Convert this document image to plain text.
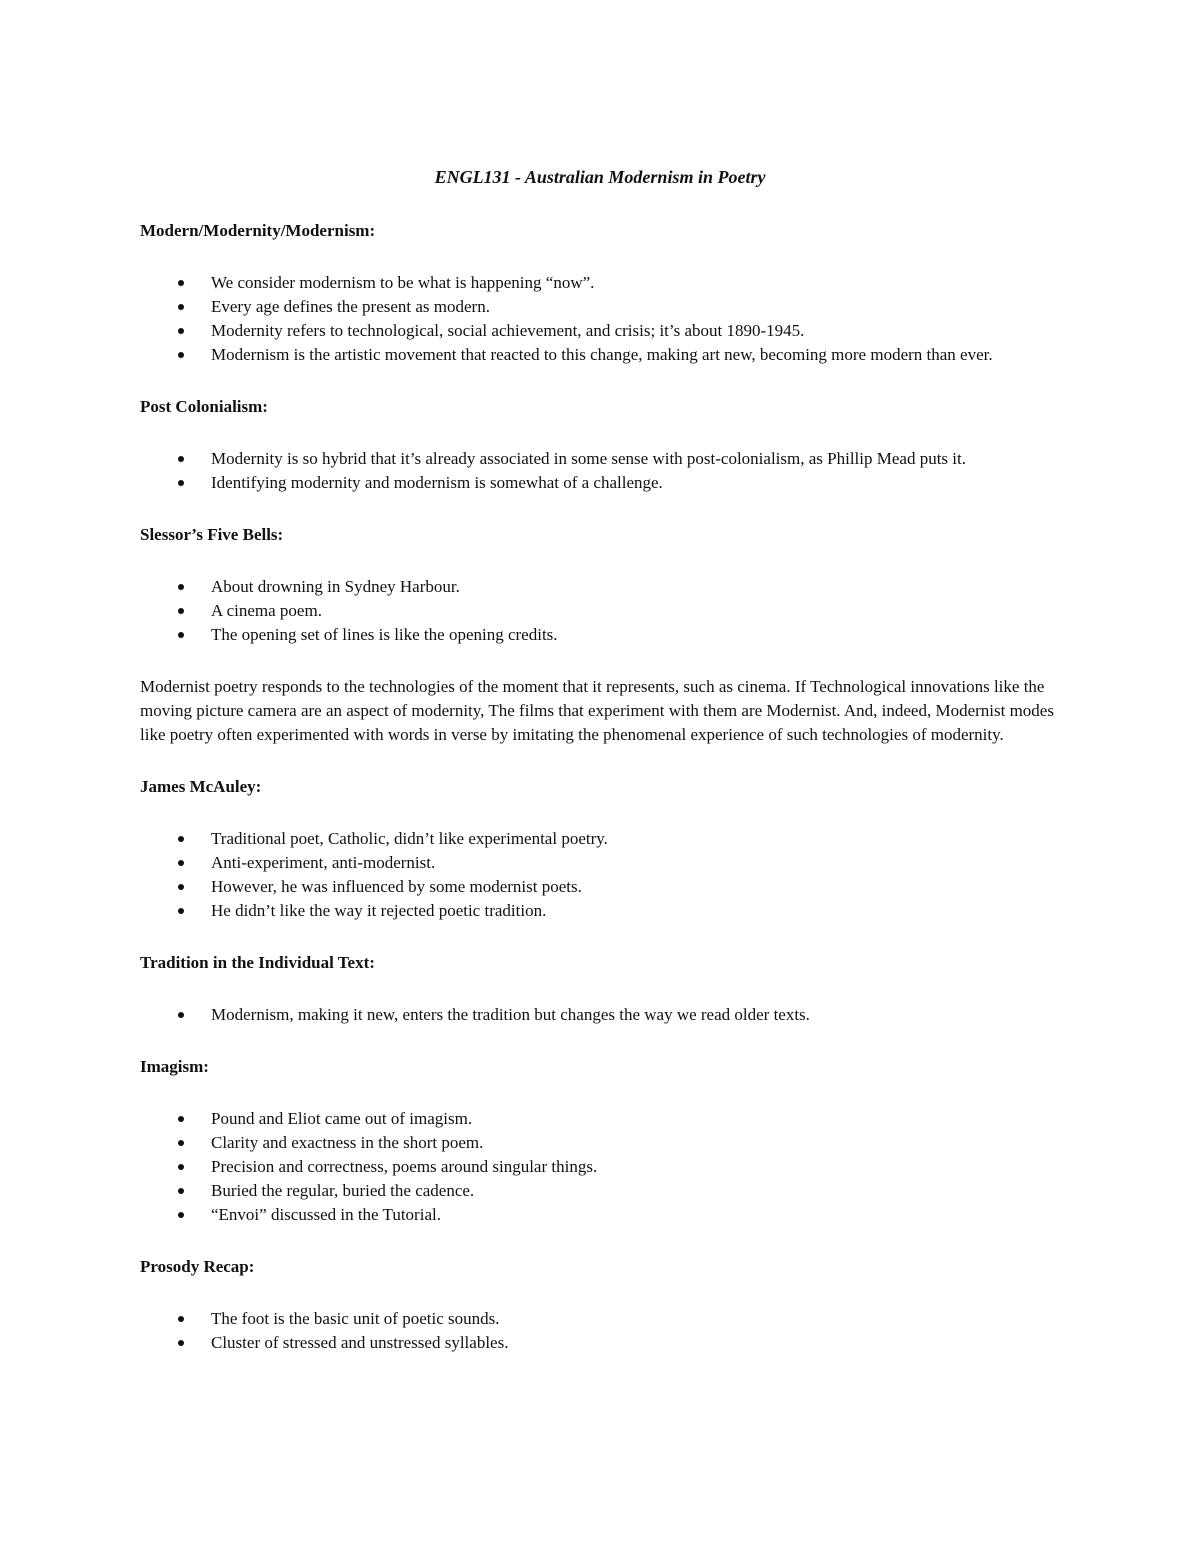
ENGL131 - Australian Modernism in Poetry

Modern/Modernity/Modernism:

We consider modernism to be what is happening “now”.
Every age defines the present as modern.
Modernity refers to technological, social achievement, and crisis; it’s about 1890-1945.
Modernism is the artistic movement that reacted to this change, making art new, becoming more modern than ever.

Post Colonialism:

Modernity is so hybrid that it’s already associated in some sense with post-colonialism, as Phillip Mead puts it.
Identifying modernity and modernism is somewhat of a challenge.

Slessor’s Five Bells:

About drowning in Sydney Harbour.
A cinema poem.
The opening set of lines is like the opening credits.

Modernist poetry responds to the technologies of the moment that it represents, such as cinema. If Technological innovations like the moving picture camera are an aspect of modernity, The films that experiment with them are Modernist. And, indeed, Modernist modes like poetry often experimented with words in verse by imitating the phenomenal experience of such technologies of modernity.

James McAuley:

Traditional poet, Catholic, didn’t like experimental poetry.
Anti-experiment, anti-modernist.
However, he was influenced by some modernist poets.
He didn’t like the way it rejected poetic tradition.

Tradition in the Individual Text:

Modernism, making it new, enters the tradition but changes the way we read older texts.

Imagism:

Pound and Eliot came out of imagism.
Clarity and exactness in the short poem.
Precision and correctness, poems around singular things.
Buried the regular, buried the cadence.
“Envoi” discussed in the Tutorial.

Prosody Recap:

The foot is the basic unit of poetic sounds.
Cluster of stressed and unstressed syllables.
